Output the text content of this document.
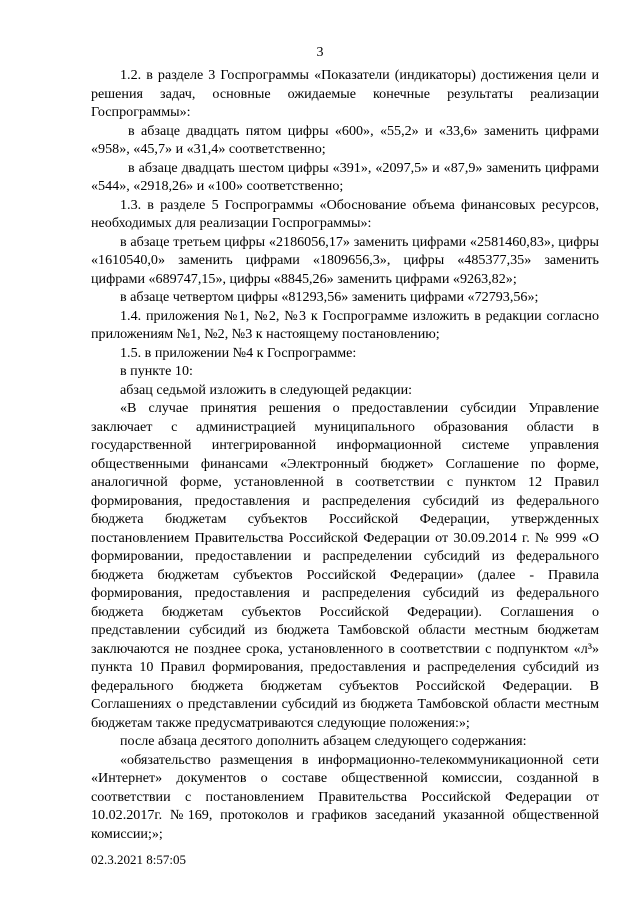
3

1.2. в разделе 3 Госпрограммы «Показатели (индикаторы) достижения цели и решения задач, основные ожидаемые конечные результаты реализации Госпрограммы»:

в абзаце двадцать пятом цифры «600», «55,2» и «33,6» заменить цифрами «958», «45,7» и «31,4» соответственно;

в абзаце двадцать шестом цифры «391», «2097,5» и «87,9» заменить цифрами «544», «2918,26» и «100» соответственно;

1.3. в разделе 5 Госпрограммы «Обоснование объема финансовых ресурсов, необходимых для реализации Госпрограммы»:

в абзаце третьем цифры «2186056,17» заменить цифрами «2581460,83», цифры «1610540,0» заменить цифрами «1809656,3», цифры «485377,35» заменить цифрами «689747,15», цифры «8845,26» заменить цифрами «9263,82»;

в абзаце четвертом цифры «81293,56» заменить цифрами «72793,56»;

1.4. приложения №1, №2, №3 к Госпрограмме изложить в редакции согласно приложениям №1, №2, №3 к настоящему постановлению;

1.5. в приложении №4 к Госпрограмме:

в пункте 10:

абзац седьмой изложить в следующей редакции:

«В случае принятия решения о предоставлении субсидии Управление заключает с администрацией муниципального образования области в государственной интегрированной информационной системе управления общественными финансами «Электронный бюджет» Соглашение по форме, аналогичной форме, установленной в соответствии с пунктом 12 Правил формирования, предоставления и распределения субсидий из федерального бюджета бюджетам субъектов Российской Федерации, утвержденных постановлением Правительства Российской Федерации от 30.09.2014 г. № 999 «О формировании, предоставлении и распределении субсидий из федерального бюджета бюджетам субъектов Российской Федерации» (далее - Правила формирования, предоставления и распределения субсидий из федерального бюджета бюджетам субъектов Российской Федерации). Соглашения о представлении субсидий из бюджета Тамбовской области местным бюджетам заключаются не позднее срока, установленного в соответствии с подпунктом «л³» пункта 10 Правил формирования, предоставления и распределения субсидий из федерального бюджета бюджетам субъектов Российской Федерации. В Соглашениях о представлении субсидий из бюджета Тамбовской области местным бюджетам также предусматриваются следующие положения:»;

после абзаца десятого дополнить абзацем следующего содержания:

«обязательство размещения в информационно-телекоммуникационной сети «Интернет» документов о составе общественной комиссии, созданной в соответствии с постановлением Правительства Российской Федерации от 10.02.2017г. №169, протоколов и графиков заседаний указанной общественной комиссии;»;

02.3.2021 8:57:05
